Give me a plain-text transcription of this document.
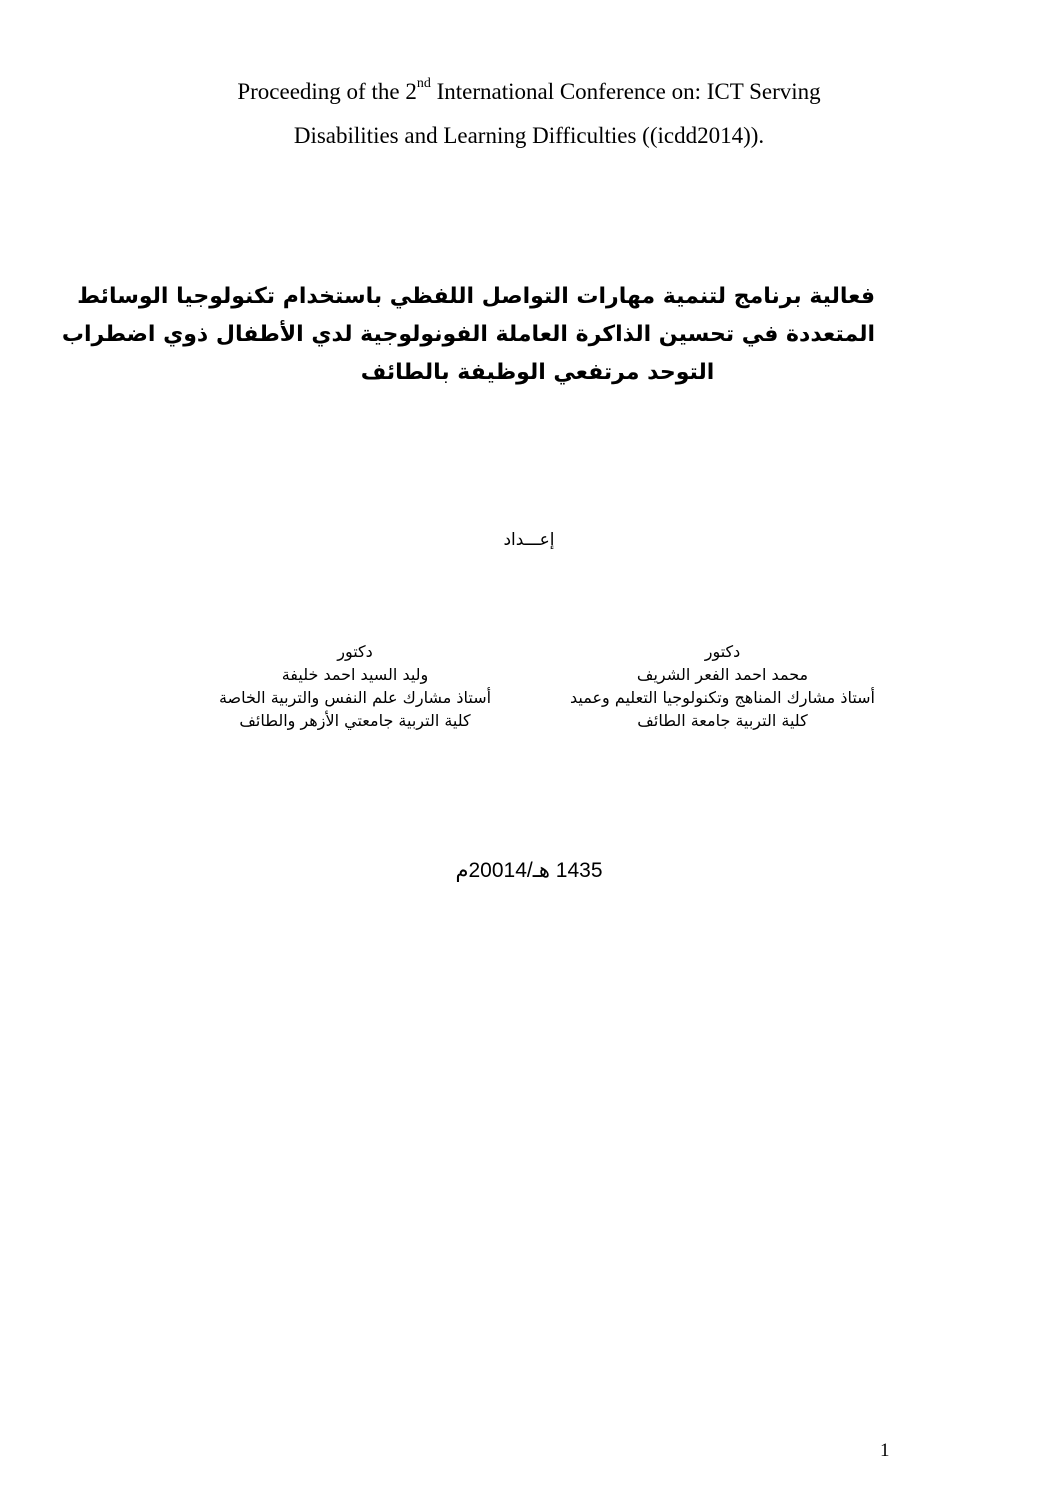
Proceeding of the 2nd International Conference on: ICT Serving
Disabilities and Learning Difficulties ((icdd2014)).
فعالية برنامج لتنمية مهارات التواصل اللفظي باستخدام تكنولوجيا الوسائط
المتعددة في تحسين الذاكرة العاملة الفونولوجية لدي الأطفال ذوي اضطراب
التوحد مرتفعي الوظيفة بالطائف
إعـــداد
دكتور
محمد احمد الفعر الشريف
أستاذ مشارك المناهج وتكنولوجيا التعليم وعميد
كلية التربية جامعة الطائف
دكتور
وليد السيد احمد خليفة
أستاذ مشارك علم النفس والتربية الخاصة
كلية التربية جامعتي الأزهر والطائف
1435 هـ/20014م
1
